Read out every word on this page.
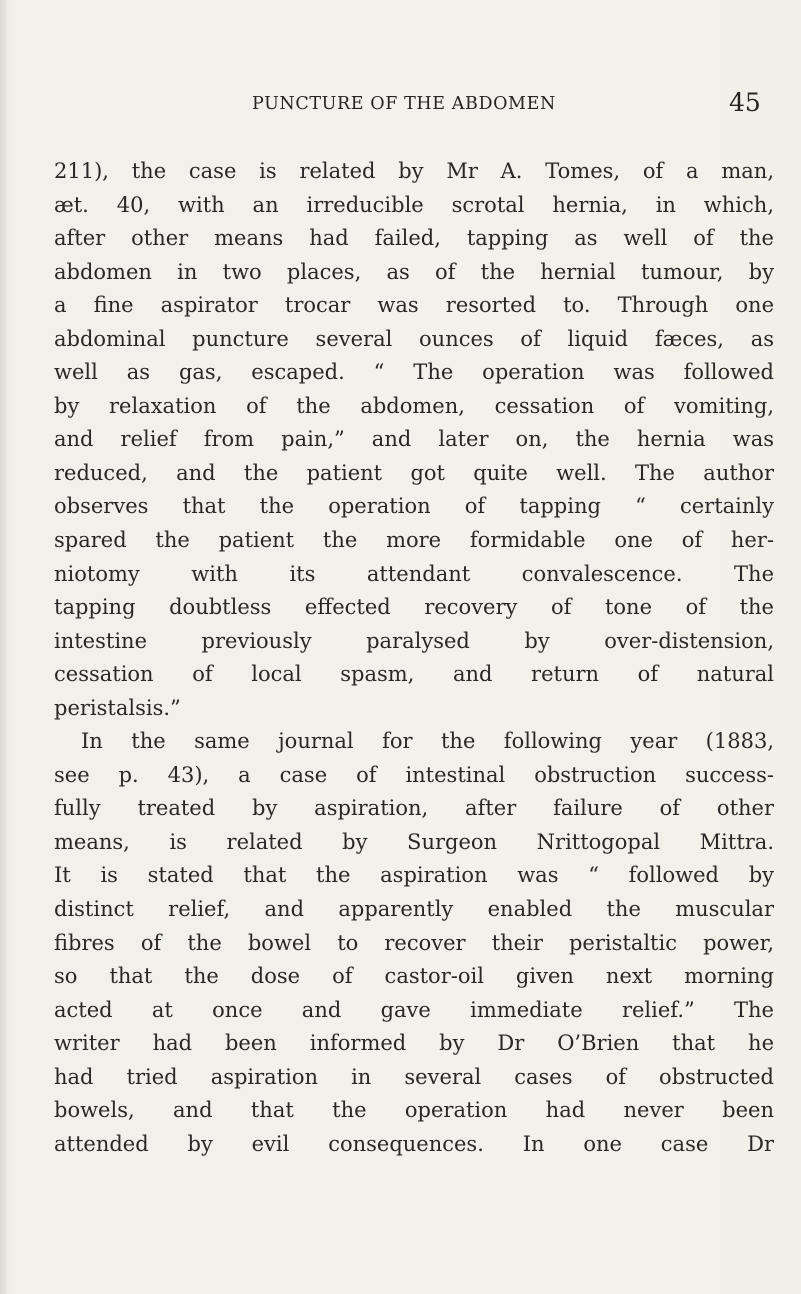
PUNCTURE OF THE ABDOMEN	45
211), the case is related by Mr A. Tomes, of a man,
æt. 40, with an irreducible scrotal hernia, in which,
after other means had failed, tapping as well of the
abdomen in two places, as of the hernial tumour, by
a fine aspirator trocar was resorted to. Through one
abdominal puncture several ounces of liquid fæces, as
well as gas, escaped. “ The operation was followed
by relaxation of the abdomen, cessation of vomiting,
and relief from pain,” and later on, the hernia was
reduced, and the patient got quite well. The author
observes that the operation of tapping “ certainly
spared the patient the more formidable one of her-
niotomy with its attendant convalescence. The
tapping doubtless effected recovery of tone of the
intestine previously paralysed by over-distension,
cessation of local spasm, and return of natural
peristalsis.”
In the same journal for the following year (1883,
see p. 43), a case of intestinal obstruction success-
fully treated by aspiration, after failure of other
means, is related by Surgeon Nrittogopal Mittra.
It is stated that the aspiration was “ followed by
distinct relief, and apparently enabled the muscular
fibres of the bowel to recover their peristaltic power,
so that the dose of castor-oil given next morning
acted at once and gave immediate relief.” The
writer had been informed by Dr O’Brien that he
had tried aspiration in several cases of obstructed
bowels, and that the operation had never been
attended by evil consequences. In one case Dr
